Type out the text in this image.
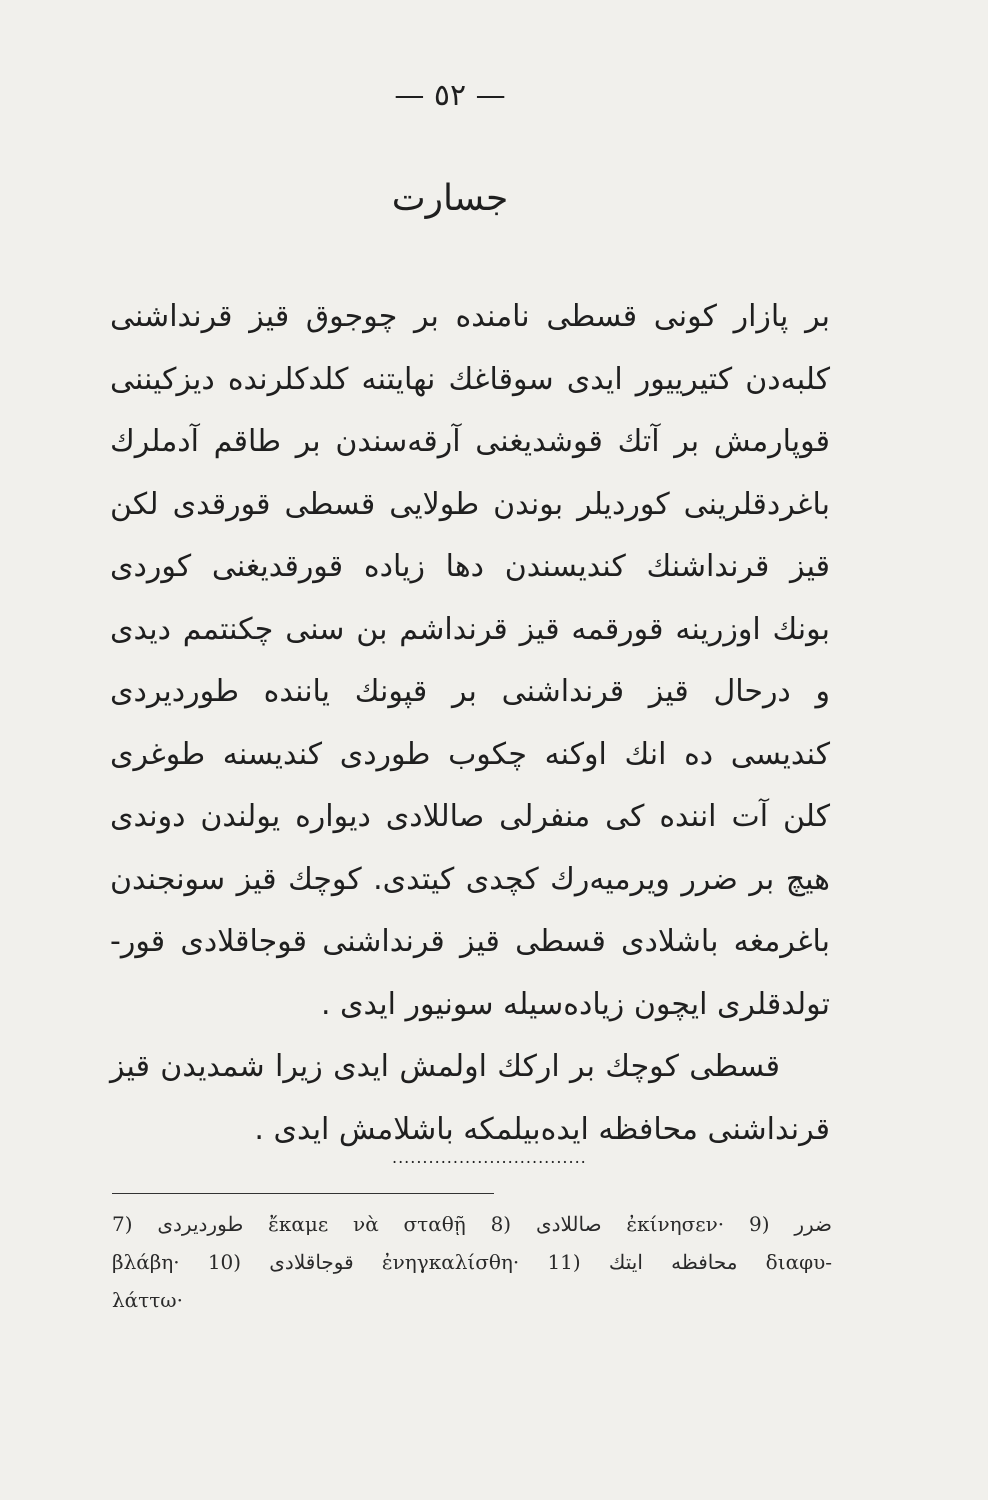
— ٥٢ —
جسارت
بر پازار کونی قسطی نامنده بر چوجوق قیز قرنداشنی
کلبه‌دن کتیرییور ایدی سوقاغك نهایتنه کلدکلرنده دیزکیننی
قوپارمش بر آتك قوشدیغنی آرقه‌سندن بر طاقم آدملرك
باغردقلرینی کوردیلر بوندن طولایی قسطی قورقدی لکن
قیز قرنداشنك کندیسندن دها زیاده قورقدیغنی کوردی
بونك اوزرینه قورقمه قیز قرنداشم بن سنی چکنتمم دیدی
و درحال قیز قرنداشنی بر قپونك یاننده طوردیردی
کندیسی ده انك اوکنه چکوب طوردی کندیسنه طوغری
کلن آت اننده کی منفرلی صاللادی دیواره یولندن دوندی
هیچ بر ضرر ویرمیه‌رك کچدی کیتدی. کوچك قیز سونجندن
باغرمغه باشلادی قسطی قیز قرنداشنی قوجاقلادی قور-
تولدقلری ایچون زیاده‌سیله سونیور ایدی .
قسطی کوچك بر ارکك اولمش ایدی زیرا شمدیدن قیز
قرنداشنی محافظه ایده‌بیلمکه باشلامش ایدی .
................................
7) طوردیردی ἔκαμε νὰ σταθῇ 8) صاللادی ἐκίνησεν· 9) ضرر
βλάβη· 10) قوجاقلادی ἐνηγκαλίσθη· 11) محافظه ایتك διαφυ-
λάττω·
